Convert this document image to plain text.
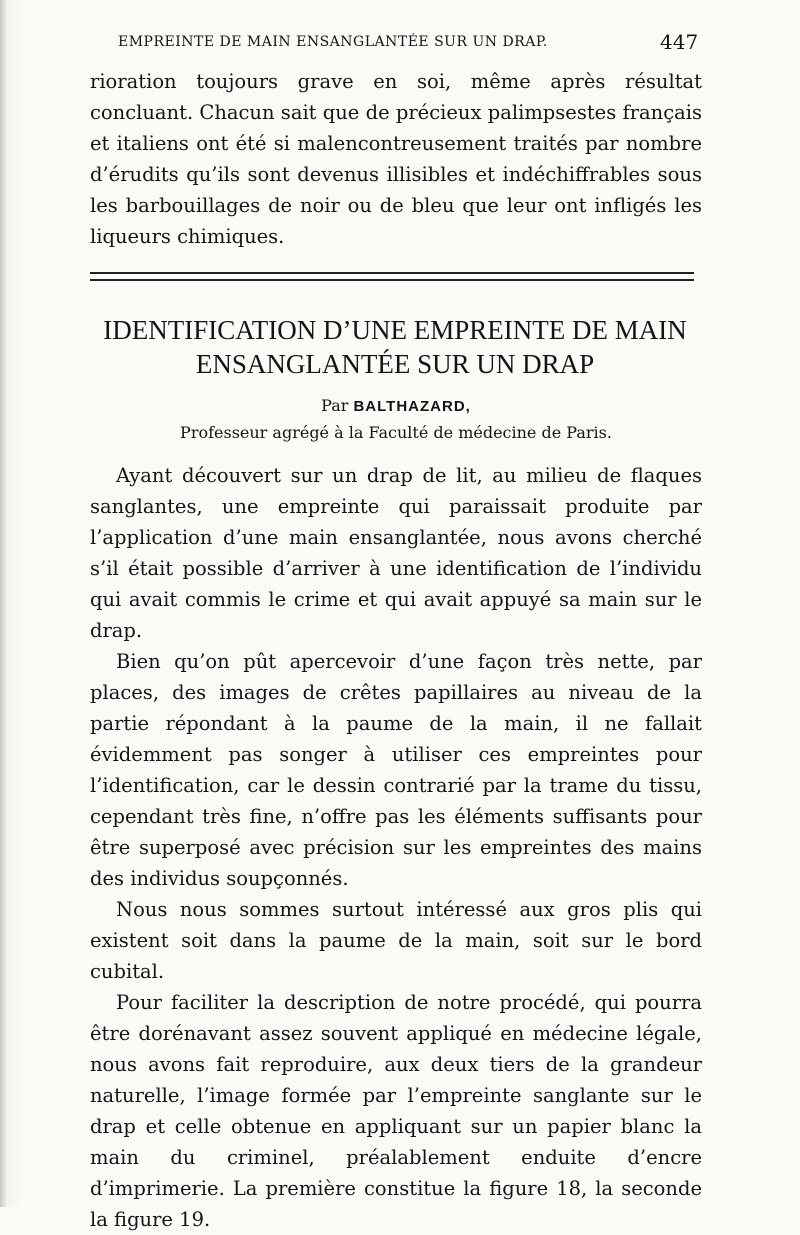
EMPREINTE DE MAIN ENSANGLANTÉE SUR UN DRAP.	447

rioration toujours grave en soi, même après résultat concluant. Chacun sait que de précieux palimpsestes français et italiens ont été si malencontreusement traités par nombre d’érudits qu’ils sont devenus illisibles et indéchiffrables sous les barbouillages de noir ou de bleu que leur ont infligés les liqueurs chimiques.

IDENTIFICATION D’UNE EMPREINTE DE MAIN
ENSANGLANTÉE SUR UN DRAP
Par BALTHAZARD,
Professeur agrégé à la Faculté de médecine de Paris.

Ayant découvert sur un drap de lit, au milieu de flaques sanglantes, une empreinte qui paraissait produite par l’application d’une main ensanglantée, nous avons cherché s’il était possible d’arriver à une identification de l’individu qui avait commis le crime et qui avait appuyé sa main sur le drap.

Bien qu’on pût apercevoir d’une façon très nette, par places, des images de crêtes papillaires au niveau de la partie répondant à la paume de la main, il ne fallait évidemment pas songer à utiliser ces empreintes pour l’identification, car le dessin contrarié par la trame du tissu, cependant très fine, n’offre pas les éléments suffisants pour être superposé avec précision sur les empreintes des mains des individus soupçonnés.

Nous nous sommes surtout intéressé aux gros plis qui existent soit dans la paume de la main, soit sur le bord cubital.

Pour faciliter la description de notre procédé, qui pourra être dorénavant assez souvent appliqué en médecine légale, nous avons fait reproduire, aux deux tiers de la grandeur naturelle, l’image formée par l’empreinte sanglante sur le drap et celle obtenue en appliquant sur un papier blanc la main du criminel, préalablement enduite d’encre d’imprimerie. La première constitue la figure 18, la seconde la figure 19.
